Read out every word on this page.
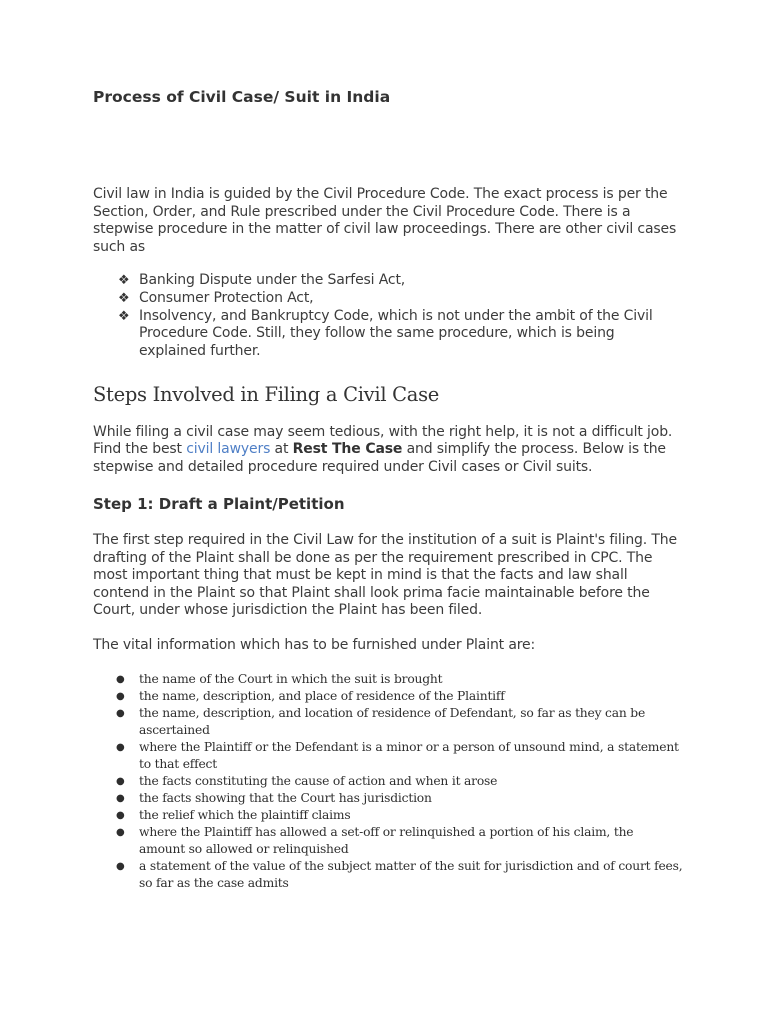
Process of Civil Case/ Suit in India

Civil law in India is guided by the Civil Procedure Code. The exact process is per the Section, Order, and Rule prescribed under the Civil Procedure Code. There is a stepwise procedure in the matter of civil law proceedings. There are other civil cases such as

❖ Banking Dispute under the Sarfesi Act,
❖ Consumer Protection Act,
❖ Insolvency, and Bankruptcy Code, which is not under the ambit of the Civil Procedure Code. Still, they follow the same procedure, which is being explained further.
Steps Involved in Filing a Civil Case

While filing a civil case may seem tedious, with the right help, it is not a difficult job. Find the best civil lawyers at Rest The Case and simplify the process. Below is the stepwise and detailed procedure required under Civil cases or Civil suits.

Step 1: Draft a Plaint/Petition

The first step required in the Civil Law for the institution of a suit is Plaint's filing. The drafting of the Plaint shall be done as per the requirement prescribed in CPC. The most important thing that must be kept in mind is that the facts and law shall contend in the Plaint so that Plaint shall look prima facie maintainable before the Court, under whose jurisdiction the Plaint has been filed.

The vital information which has to be furnished under Plaint are:

● the name of the Court in which the suit is brought
● the name, description, and place of residence of the Plaintiff
● the name, description, and location of residence of Defendant, so far as they can be ascertained
● where the Plaintiff or the Defendant is a minor or a person of unsound mind, a statement to that effect
● the facts constituting the cause of action and when it arose
● the facts showing that the Court has jurisdiction
● the relief which the plaintiff claims
● where the Plaintiff has allowed a set-off or relinquished a portion of his claim, the amount so allowed or relinquished
● a statement of the value of the subject matter of the suit for jurisdiction and of court fees, so far as the case admits
